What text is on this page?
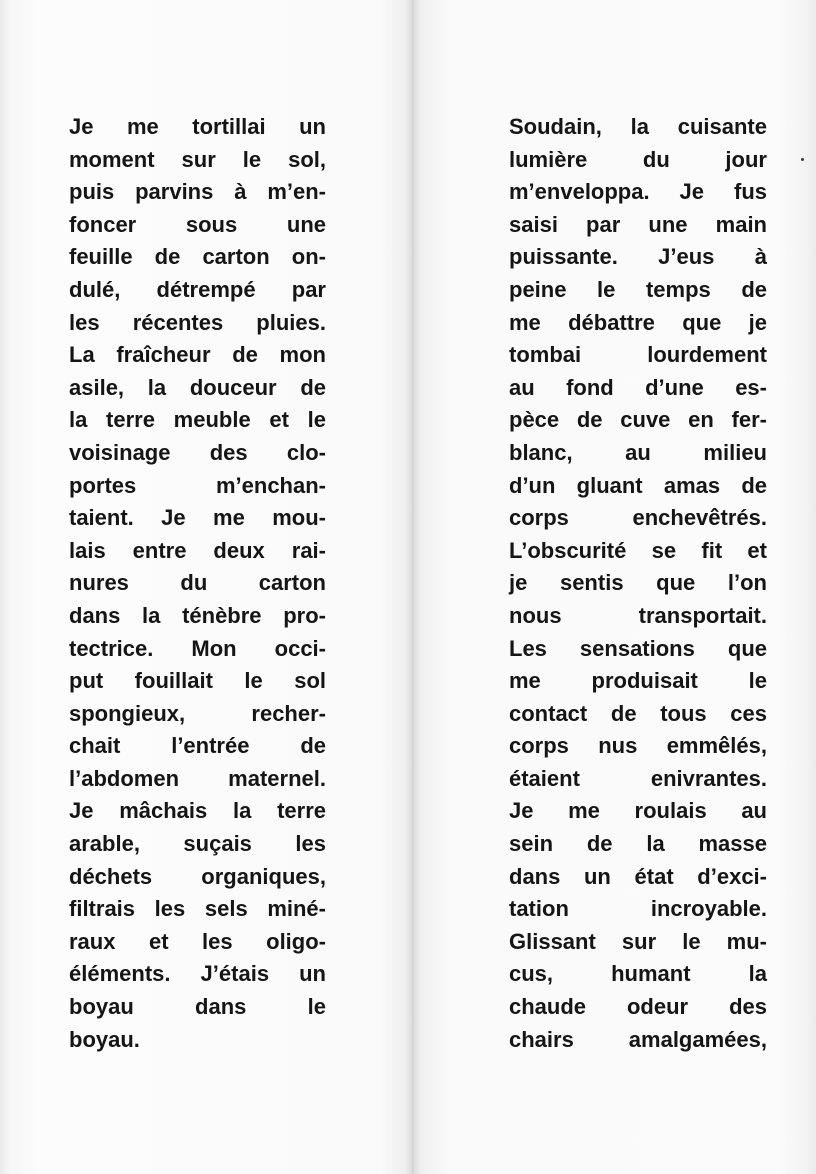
Je me tortillai un
moment sur le sol,
puis parvins à m’en-
foncer sous une
feuille de carton on-
dulé, détrempé par
les récentes pluies.
La fraîcheur de mon
asile, la douceur de
la terre meuble et le
voisinage des clo-
portes m’enchan-
taient. Je me mou-
lais entre deux rai-
nures du carton
dans la ténèbre pro-
tectrice. Mon occi-
put fouillait le sol
spongieux, recher-
chait l’entrée de
l’abdomen maternel.
Je mâchais la terre
arable, suçais les
déchets organiques,
filtrais les sels miné-
raux et les oligo-
éléments. J’étais un
boyau dans le
boyau.
Soudain, la cuisante
lumière du jour
m’enveloppa. Je fus
saisi par une main
puissante. J’eus à
peine le temps de
me débattre que je
tombai lourdement
au fond d’une es-
pèce de cuve en fer-
blanc, au milieu
d’un gluant amas de
corps enchevêtrés.
L’obscurité se fit et
je sentis que l’on
nous transportait.
Les sensations que
me produisait le
contact de tous ces
corps nus emmêlés,
étaient enivrantes.
Je me roulais au
sein de la masse
dans un état d’exci-
tation incroyable.
Glissant sur le mu-
cus, humant la
chaude odeur des
chairs amalgamées,
